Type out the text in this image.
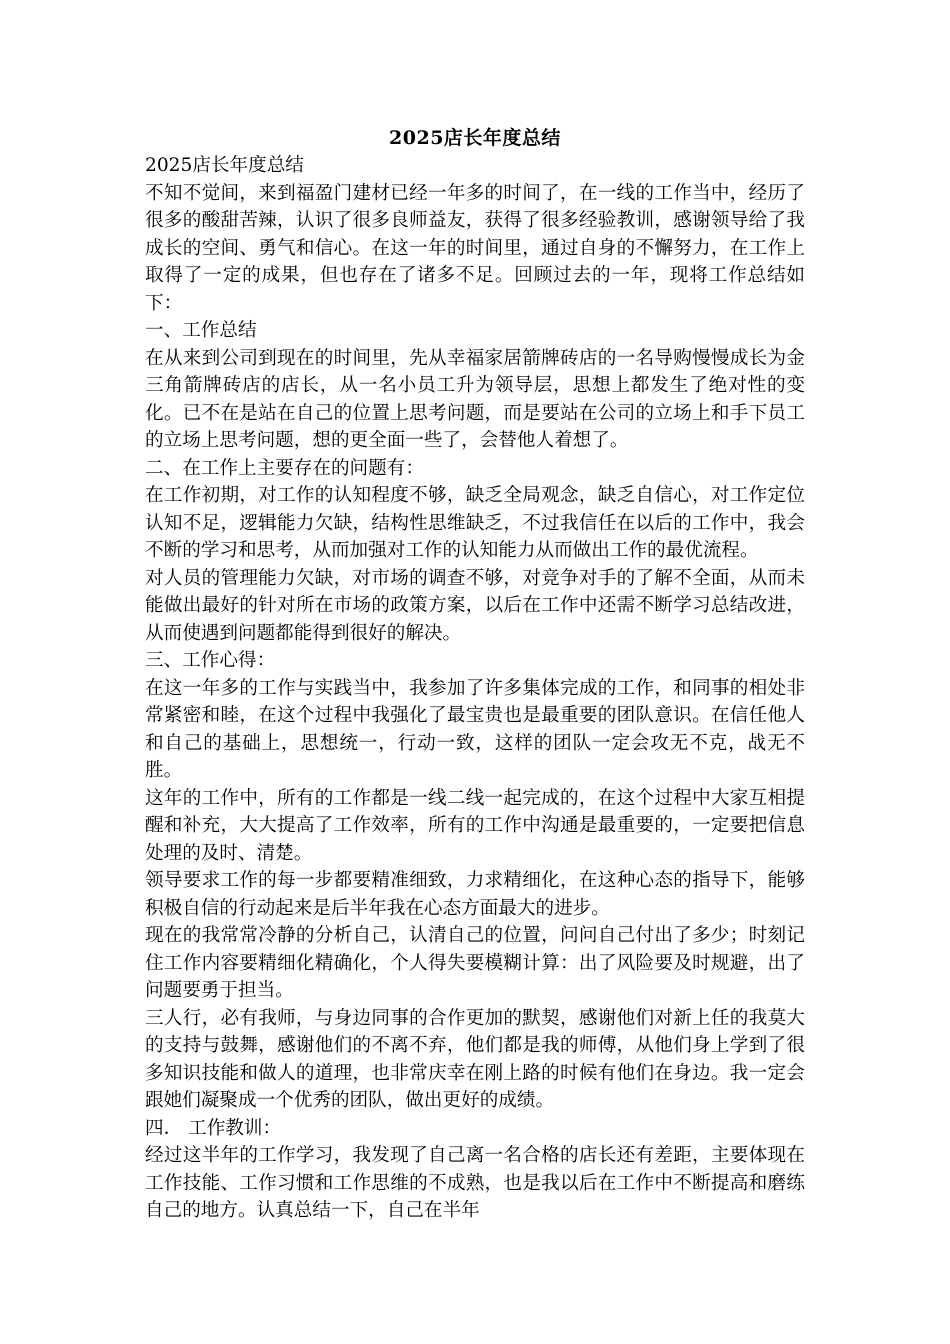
2025店长年度总结

2025店长年度总结

不知不觉间，来到福盈门建材已经一年多的时间了，在一线的工作当中，经历了很多的酸甜苦辣，认识了很多良师益友，获得了很多经验教训，感谢领导给了我成长的空间、勇气和信心。在这一年的时间里，通过自身的不懈努力，在工作上取得了一定的成果，但也存在了诸多不足。回顾过去的一年，现将工作总结如下：

一、工作总结

在从来到公司到现在的时间里，先从幸福家居箭牌砖店的一名导购慢慢成长为金三角箭牌砖店的店长，从一名小员工升为领导层，思想上都发生了绝对性的变化。已不在是站在自己的位置上思考问题，而是要站在公司的立场上和手下员工的立场上思考问题，想的更全面一些了，会替他人着想了。

二、在工作上主要存在的问题有：

在工作初期，对工作的认知程度不够，缺乏全局观念，缺乏自信心，对工作定位认知不足，逻辑能力欠缺，结构性思维缺乏，不过我信任在以后的工作中，我会不断的学习和思考，从而加强对工作的认知能力从而做出工作的最优流程。

对人员的管理能力欠缺，对市场的调查不够，对竞争对手的了解不全面，从而未能做出最好的针对所在市场的政策方案，以后在工作中还需不断学习总结改进，从而使遇到问题都能得到很好的解决。

三、工作心得：

在这一年多的工作与实践当中，我参加了许多集体完成的工作，和同事的相处非常紧密和睦，在这个过程中我强化了最宝贵也是最重要的团队意识。在信任他人和自己的基础上，思想统一，行动一致，这样的团队一定会攻无不克，战无不胜。

这年的工作中，所有的工作都是一线二线一起完成的，在这个过程中大家互相提醒和补充，大大提高了工作效率，所有的工作中沟通是最重要的，一定要把信息处理的及时、清楚。

领导要求工作的每一步都要精准细致，力求精细化，在这种心态的指导下，能够积极自信的行动起来是后半年我在心态方面最大的进步。

现在的我常常冷静的分析自己，认清自己的位置，问问自己付出了多少；时刻记住工作内容要精细化精确化，个人得失要模糊计算：出了风险要及时规避，出了问题要勇于担当。

三人行，必有我师，与身边同事的合作更加的默契，感谢他们对新上任的我莫大的支持与鼓舞，感谢他们的不离不弃，他们都是我的师傅，从他们身上学到了很多知识技能和做人的道理，也非常庆幸在刚上路的时候有他们在身边。我一定会跟她们凝聚成一个优秀的团队，做出更好的成绩。

四． 工作教训：

经过这半年的工作学习，我发现了自己离一名合格的店长还有差距，主要体现在工作技能、工作习惯和工作思维的不成熟，也是我以后在工作中不断提高和磨练自己的地方。认真总结一下，自己在半年
